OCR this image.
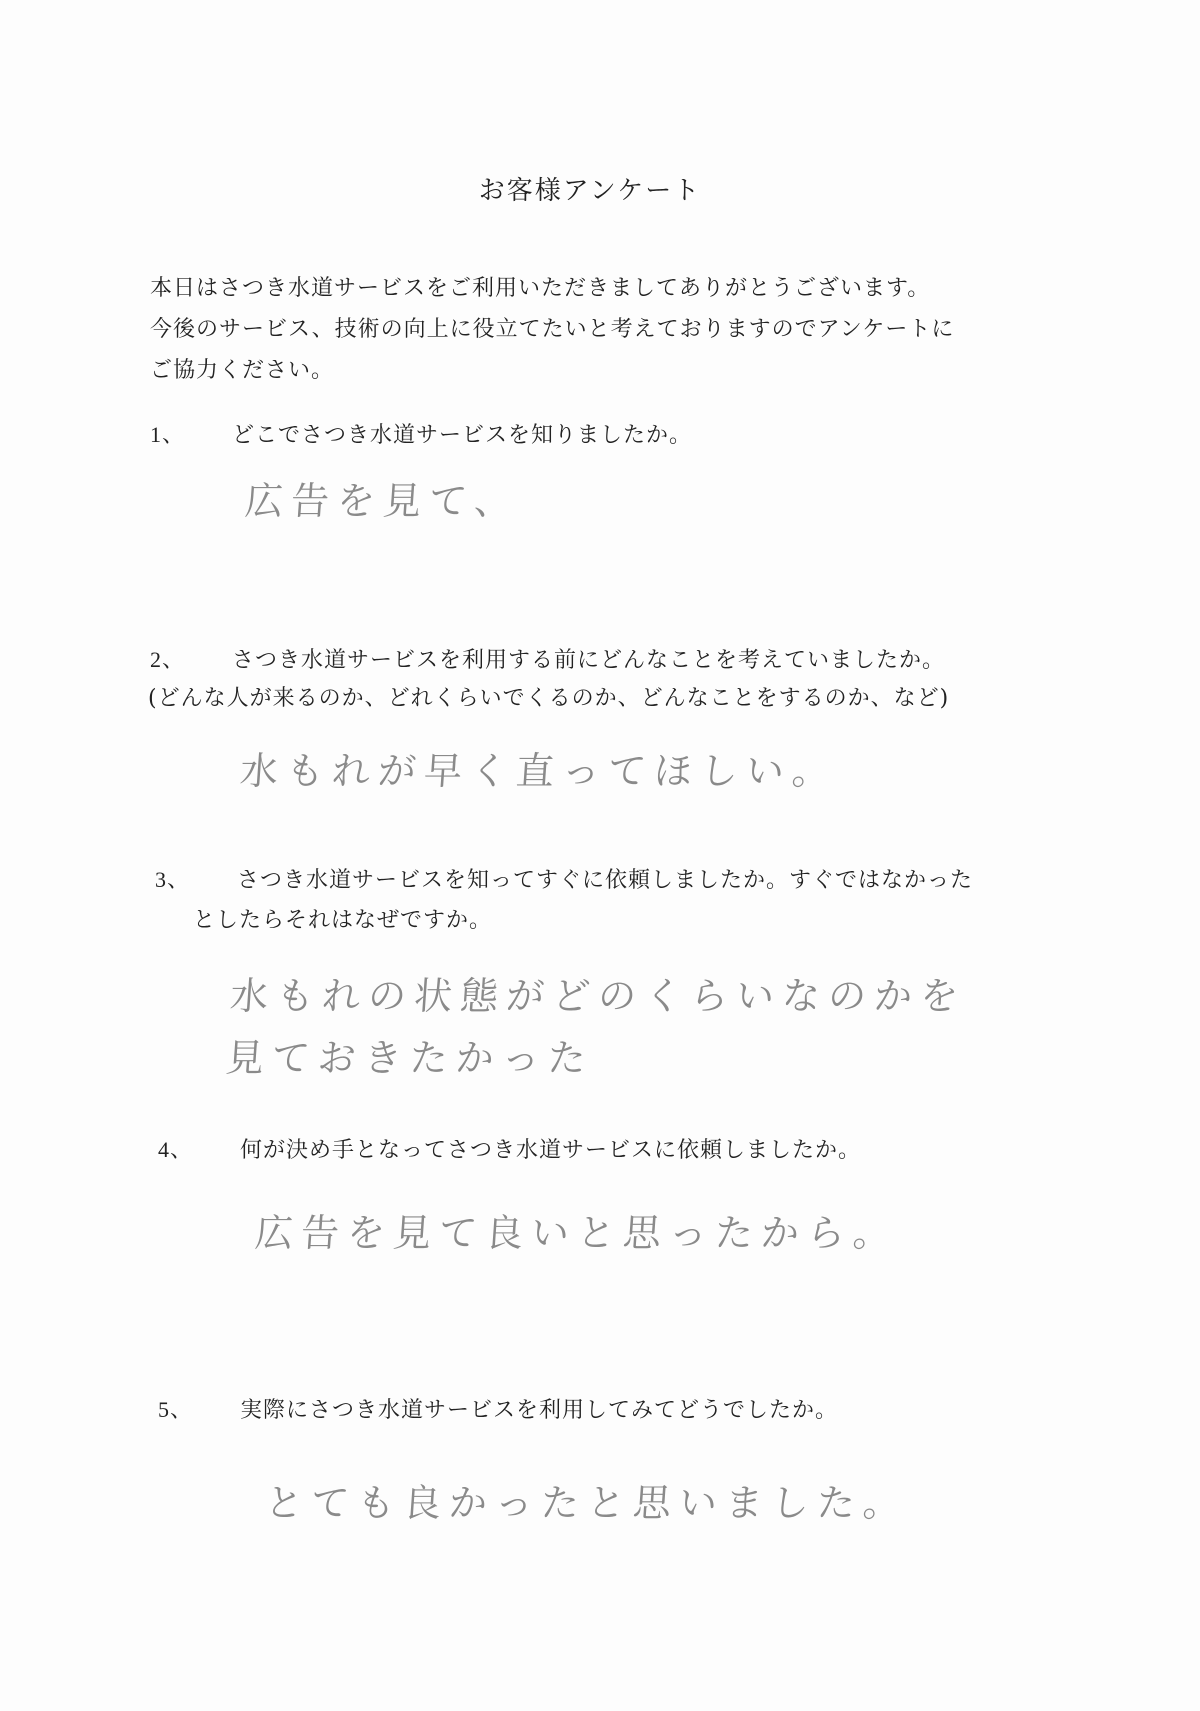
お客様アンケート
本日はさつき水道サービスをご利用いただきましてありがとうございます。
今後のサービス、技術の向上に役立てたいと考えておりますのでアンケートに
ご協力ください。
1、 どこでさつき水道サービスを知りましたか。
広告を見て、
2、 さつき水道サービスを利用する前にどんなことを考えていましたか。
(どんな人が来るのか、どれくらいでくるのか、どんなことをするのか、など)
水もれが早く直ってほしい。
3、 さつき水道サービスを知ってすぐに依頼しましたか。すぐではなかった
としたらそれはなぜですか。
水もれの状態がどのくらいなのかを
見ておきたかった
4、 何が決め手となってさつき水道サービスに依頼しましたか。
広告を見て良いと思ったから。
5、 実際にさつき水道サービスを利用してみてどうでしたか。
とても良かったと思いました。
